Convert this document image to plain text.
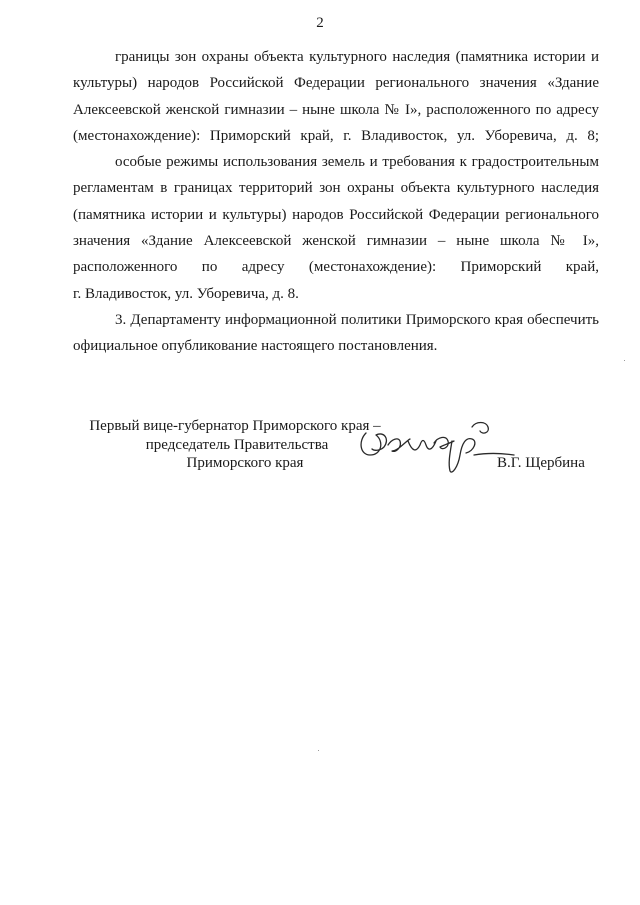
2
границы зон охраны объекта культурного наследия (памятника истории и
культуры) народов Российской Федерации регионального значения «Здание
Алексеевской женской гимназии – ныне школа № I», расположенного по адресу
(местонахождение): Приморский край, г. Владивосток, ул. Уборевича, д. 8;
особые режимы использования земель и требования к градостроительным
регламентам в границах территорий зон охраны объекта культурного наследия
(памятника истории и культуры) народов Российской Федерации регионального
значения «Здание Алексеевской женской гимназии – ныне школа № I»,
расположенного по адресу (местонахождение): Приморский край,
г. Владивосток, ул. Уборевича, д. 8.
3. Департаменту информационной политики Приморского края обеспечить
официальное опубликование настоящего постановления.
Первый вице-губернатор Приморского края –
председатель Правительства
Приморского края	В.Г. Щербина
